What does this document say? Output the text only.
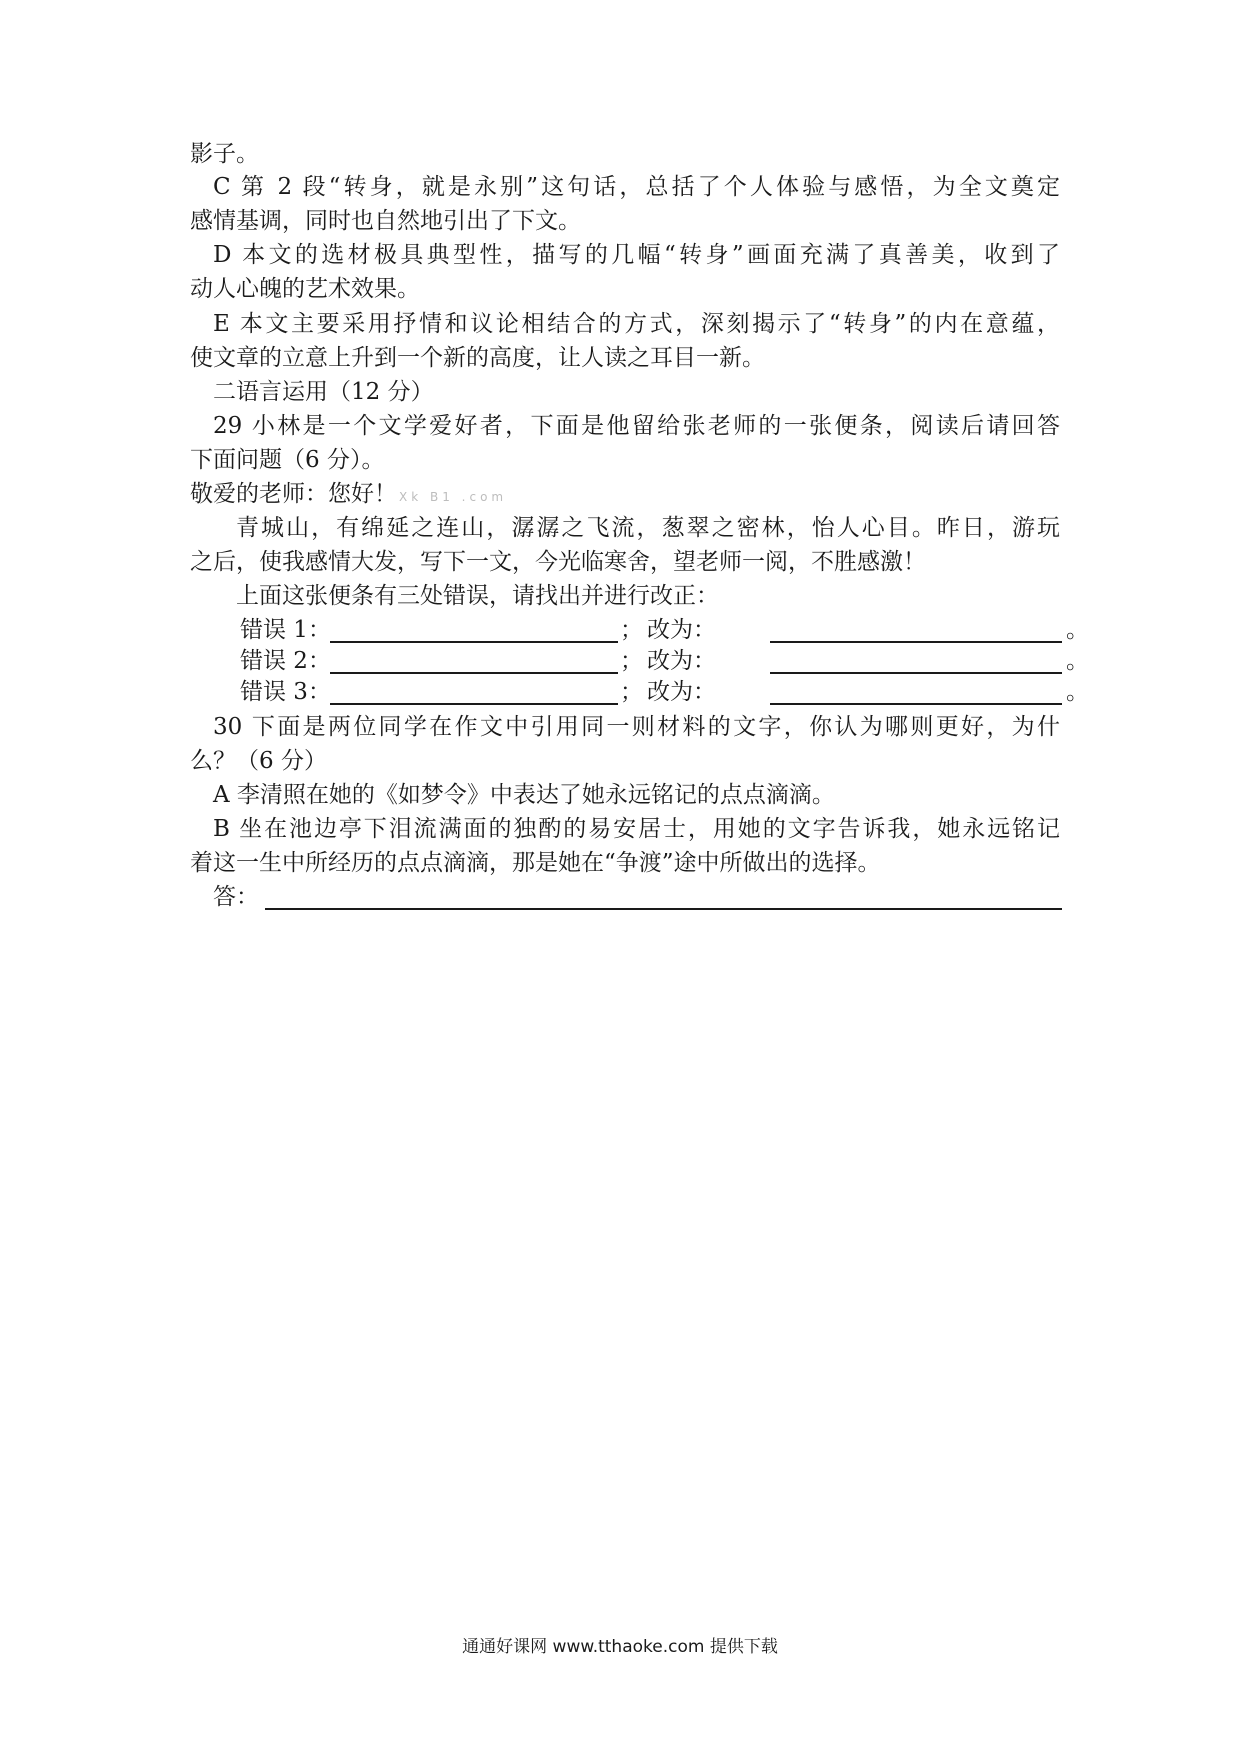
影子。
C 第 2 段“转身，就是永别”这句话，总括了个人体验与感悟，为全文奠定
感情基调，同时也自然地引出了下文。
D 本文的选材极具典型性，描写的几幅“转身”画面充满了真善美，收到了
动人心魄的艺术效果。
E 本文主要采用抒情和议论相结合的方式，深刻揭示了“转身”的内在意蕴，
使文章的立意上升到一个新的高度，让人读之耳目一新。
二语言运用（12 分）
29 小林是一个文学爱好者，下面是他留给张老师的一张便条，阅读后请回答
下面问题（6 分）。
敬爱的老师：您好！ Xk B1 .com
青城山，有绵延之连山，潺潺之飞流，葱翠之密林，怡人心目。昨日，游玩
之后，使我感情大发，写下一文，今光临寒舍，望老师一阅，不胜感激！
上面这张便条有三处错误，请找出并进行改正：
错误 1：	； 改为：	。
错误 2：	； 改为：	。
错误 3：	； 改为：	。
30 下面是两位同学在作文中引用同一则材料的文字，你认为哪则更好，为什
么？（6 分）
A 李清照在她的《如梦令》中表达了她永远铭记的点点滴滴。
B 坐在池边亭下泪流满面的独酌的易安居士，用她的文字告诉我，她永远铭记
着这一生中所经历的点点滴滴，那是她在“争渡”途中所做出的选择。
答：
通通好课网 www.tthaoke.com 提供下载
